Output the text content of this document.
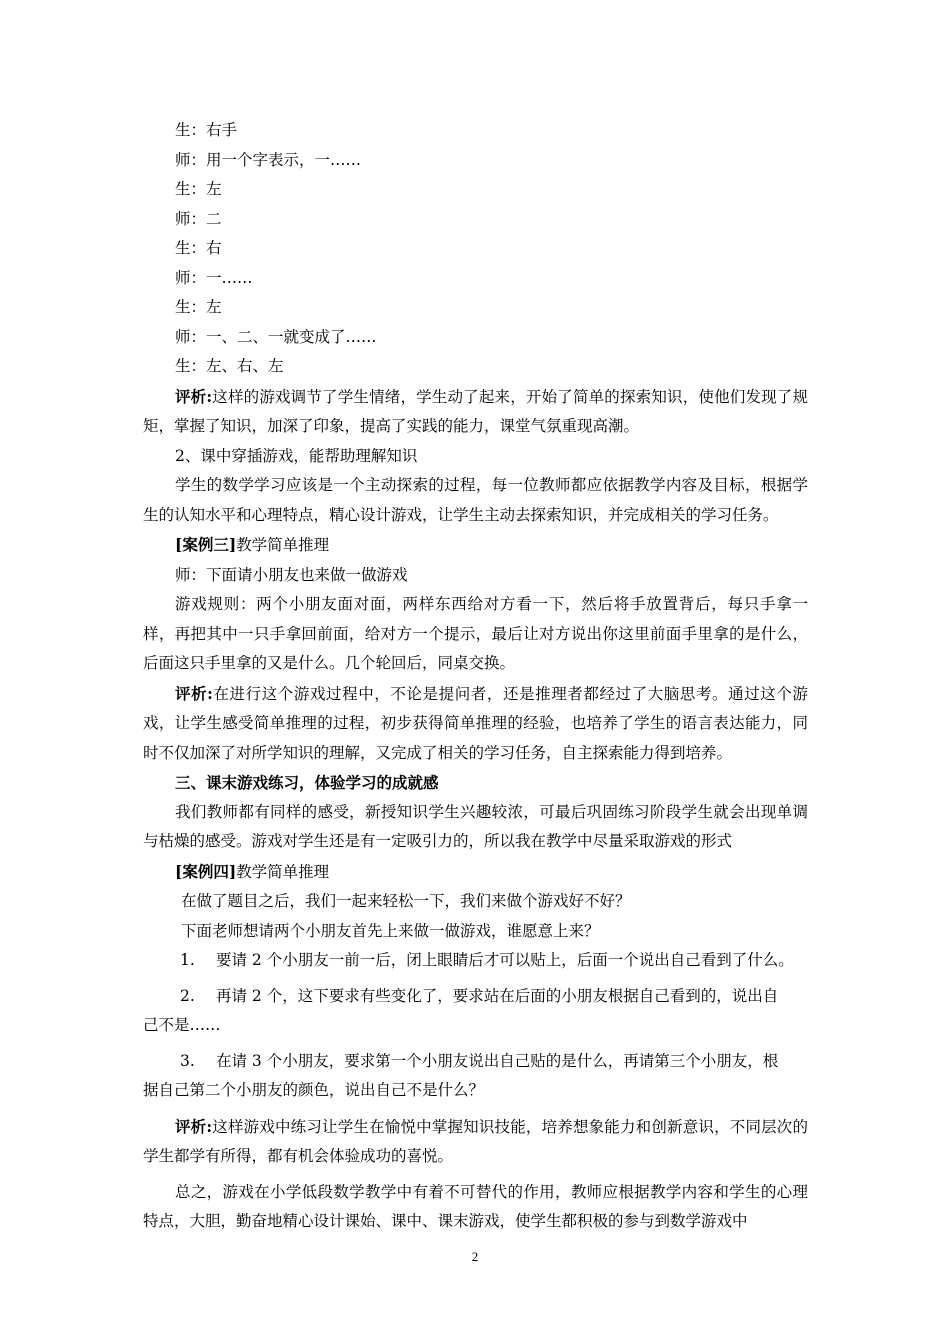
生：右手

师：用一个字表示，一……

生：左

师：二

生：右

师：一……

生：左

师：一、二、一就变成了……

生：左、右、左

评析:这样的游戏调节了学生情绪，学生动了起来，开始了简单的探索知识，使他们发现了规矩，掌握了知识，加深了印象，提高了实践的能力，课堂气氛重现高潮。

2、课中穿插游戏，能帮助理解知识

学生的数学学习应该是一个主动探索的过程，每一位教师都应依据教学内容及目标，根据学生的认知水平和心理特点，精心设计游戏，让学生主动去探索知识，并完成相关的学习任务。

[案例三]教学简单推理

师：下面请小朋友也来做一做游戏

游戏规则：两个小朋友面对面，两样东西给对方看一下，然后将手放置背后，每只手拿一样，再把其中一只手拿回前面，给对方一个提示，最后让对方说出你这里前面手里拿的是什么，后面这只手里拿的又是什么。几个轮回后，同桌交换。

评析:在进行这个游戏过程中，不论是提问者，还是推理者都经过了大脑思考。通过这个游戏，让学生感受简单推理的过程，初步获得简单推理的经验，也培养了学生的语言表达能力，同时不仅加深了对所学知识的理解，又完成了相关的学习任务，自主探索能力得到培养。

三、课末游戏练习，体验学习的成就感

我们教师都有同样的感受，新授知识学生兴趣较浓，可最后巩固练习阶段学生就会出现单调与枯燥的感受。游戏对学生还是有一定吸引力的，所以我在教学中尽量采取游戏的形式

[案例四]教学简单推理

在做了题目之后，我们一起来轻松一下，我们来做个游戏好不好？

下面老师想请两个小朋友首先上来做一做游戏，谁愿意上来？

1. 要请 2 个小朋友一前一后，闭上眼睛后才可以贴上，后面一个说出自己看到了什么。

2. 再请 2 个，这下要求有些变化了，要求站在后面的小朋友根据自己看到的，说出自

己不是……

3. 在请 3 个小朋友，要求第一个小朋友说出自己贴的是什么，再请第三个小朋友，根

据自己第二个小朋友的颜色，说出自己不是什么？

评析:这样游戏中练习让学生在愉悦中掌握知识技能，培养想象能力和创新意识，不同层次的学生都学有所得，都有机会体验成功的喜悦。

总之，游戏在小学低段数学教学中有着不可替代的作用，教师应根据教学内容和学生的心理特点，大胆，勤奋地精心设计课始、课中、课末游戏，使学生都积极的参与到数学游戏中

2
